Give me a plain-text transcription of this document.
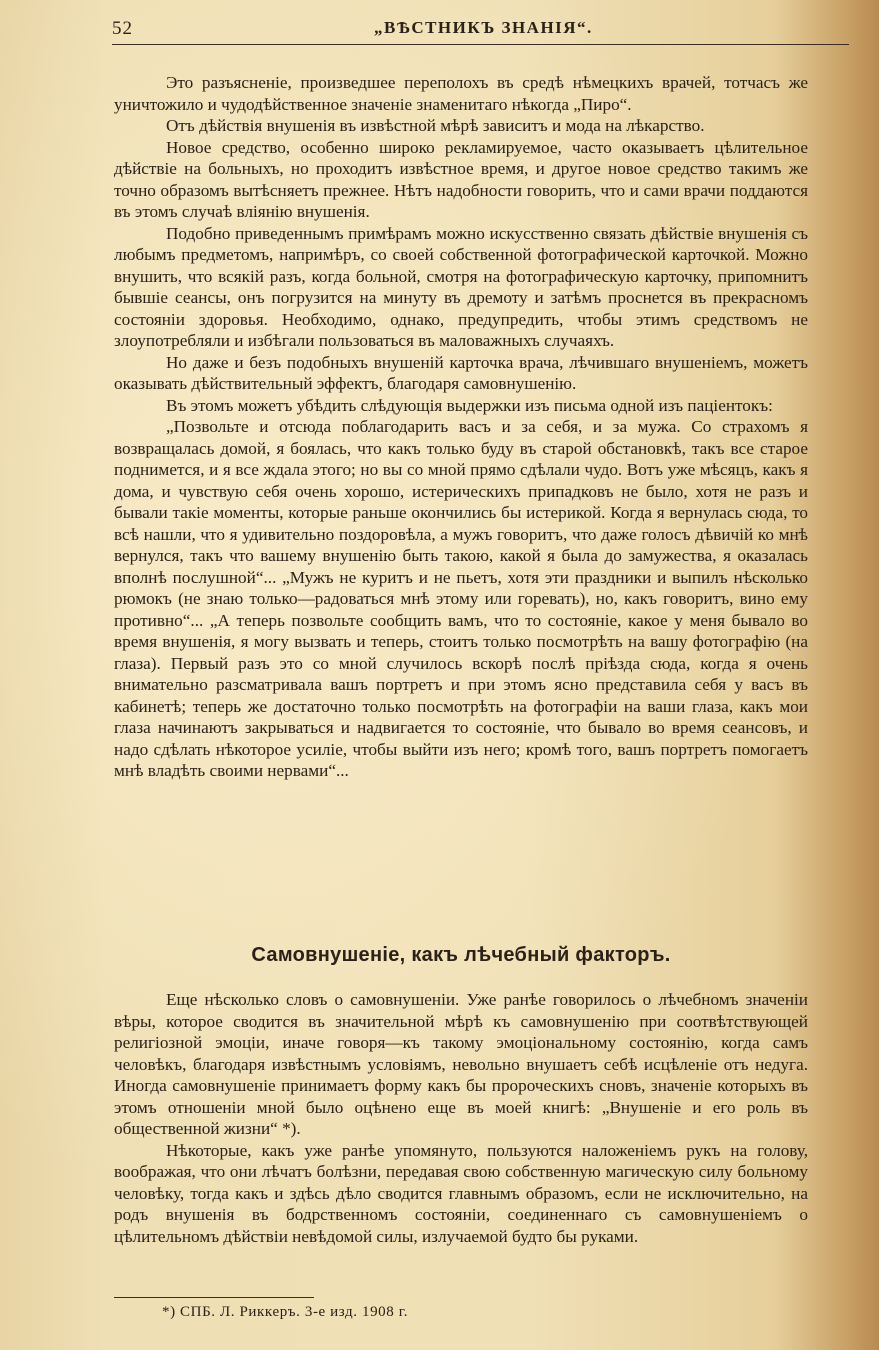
52	„ВѢСТНИКЪ ЗНАНІЯ“.

Это разъясненіе, произведшее переполохъ въ средѣ нѣмецкихъ врачей, тотчасъ же уничтожило и чудодѣйственное значеніе знаменитаго нѣкогда „Пиро“.

Отъ дѣйствія внушенія въ извѣстной мѣрѣ зависитъ и мода на лѣкарство.

Новое средство, особенно широко рекламируемое, часто оказываетъ цѣлительное дѣйствіе на больныхъ, но проходитъ извѣстное время, и другое новое средство такимъ же точно образомъ вытѣсняетъ прежнее. Нѣтъ надобности говорить, что и сами врачи поддаются въ этомъ случаѣ вліянію внушенія.

Подобно приведеннымъ примѣрамъ можно искусственно связать дѣйствіе внушенія съ любымъ предметомъ, напримѣръ, со своей собственной фотографической карточкой. Можно внушить, что всякій разъ, когда больной, смотря на фотографическую карточку, припомнитъ бывшіе сеансы, онъ погрузится на минуту въ дремоту и затѣмъ проснется въ прекрасномъ состояніи здоровья. Необходимо, однако, предупредить, чтобы этимъ средствомъ не злоупотребляли и избѣгали пользоваться въ маловажныхъ случаяхъ.

Но даже и безъ подобныхъ внушеній карточка врача, лѣчившаго внушеніемъ, можетъ оказывать дѣйствительный эффектъ, благодаря самовнушенію.

Въ этомъ можетъ убѣдить слѣдующія выдержки изъ письма одной изъ паціентокъ:

„Позвольте и отсюда поблагодарить васъ и за себя, и за мужа. Со страхомъ я возвращалась домой, я боялась, что какъ только буду въ старой обстановкѣ, такъ все старое поднимется, и я все ждала этого; но вы со мной прямо сдѣлали чудо. Вотъ уже мѣсяцъ, какъ я дома, и чувствую себя очень хорошо, истерическихъ припадковъ не было, хотя не разъ и бывали такіе моменты, которые раньше окончились бы истерикой. Когда я вернулась сюда, то всѣ нашли, что я удивительно поздоровѣла, а мужъ говоритъ, что даже голосъ дѣвичій ко мнѣ вернулся, такъ что вашему внушенію быть такою, какой я была до замужества, я оказалась вполнѣ послушной“... „Мужъ не куритъ и не пьетъ, хотя эти праздники и выпилъ нѣсколько рюмокъ (не знаю только—радоваться мнѣ этому или горевать), но, какъ говоритъ, вино ему противно“... „А теперь позвольте сообщить вамъ, что то состояніе, какое у меня бывало во время внушенія, я могу вызвать и теперь, стоитъ только посмотрѣть на вашу фотографію (на глаза). Первый разъ это со мной случилось вскорѣ послѣ пріѣзда сюда, когда я очень внимательно разсматривала вашъ портретъ и при этомъ ясно представила себя у васъ въ кабинетѣ; теперь же достаточно только посмотрѣть на фотографіи на ваши глаза, какъ мои глаза начинаютъ закрываться и надвигается то состояніе, что бывало во время сеансовъ, и надо сдѣлать нѣкоторое усиліе, чтобы выйти изъ него; кромѣ того, вашъ портретъ помогаетъ мнѣ владѣть своими нервами“...

Самовнушеніе, какъ лѣчебный факторъ.

Еще нѣсколько словъ о самовнушеніи. Уже ранѣе говорилось о лѣчебномъ значеніи вѣры, которое сводится въ значительной мѣрѣ къ самовнушенію при соотвѣтствующей религіозной эмоціи, иначе говоря—къ такому эмоціональному состоянію, когда самъ человѣкъ, благодаря извѣстнымъ условіямъ, невольно внушаетъ себѣ исцѣленіе отъ недуга. Иногда самовнушеніе принимаетъ форму какъ бы пророческихъ сновъ, значеніе которыхъ въ этомъ отношеніи мной было оцѣнено еще въ моей книгѣ: „Внушеніе и его роль въ общественной жизни“ *).

Нѣкоторые, какъ уже ранѣе упомянуто, пользуются наложеніемъ рукъ на голову, воображая, что они лѣчатъ болѣзни, передавая свою собственную магическую силу больному человѣку, тогда какъ и здѣсь дѣло сводится главнымъ образомъ, если не исключительно, на родъ внушенія въ бодрственномъ состояніи, соединеннаго съ самовнушеніемъ о цѣлительномъ дѣйствіи невѣдомой силы, излучаемой будто бы руками.

*) СПБ. Л. Риккеръ. 3-е изд. 1908 г.
